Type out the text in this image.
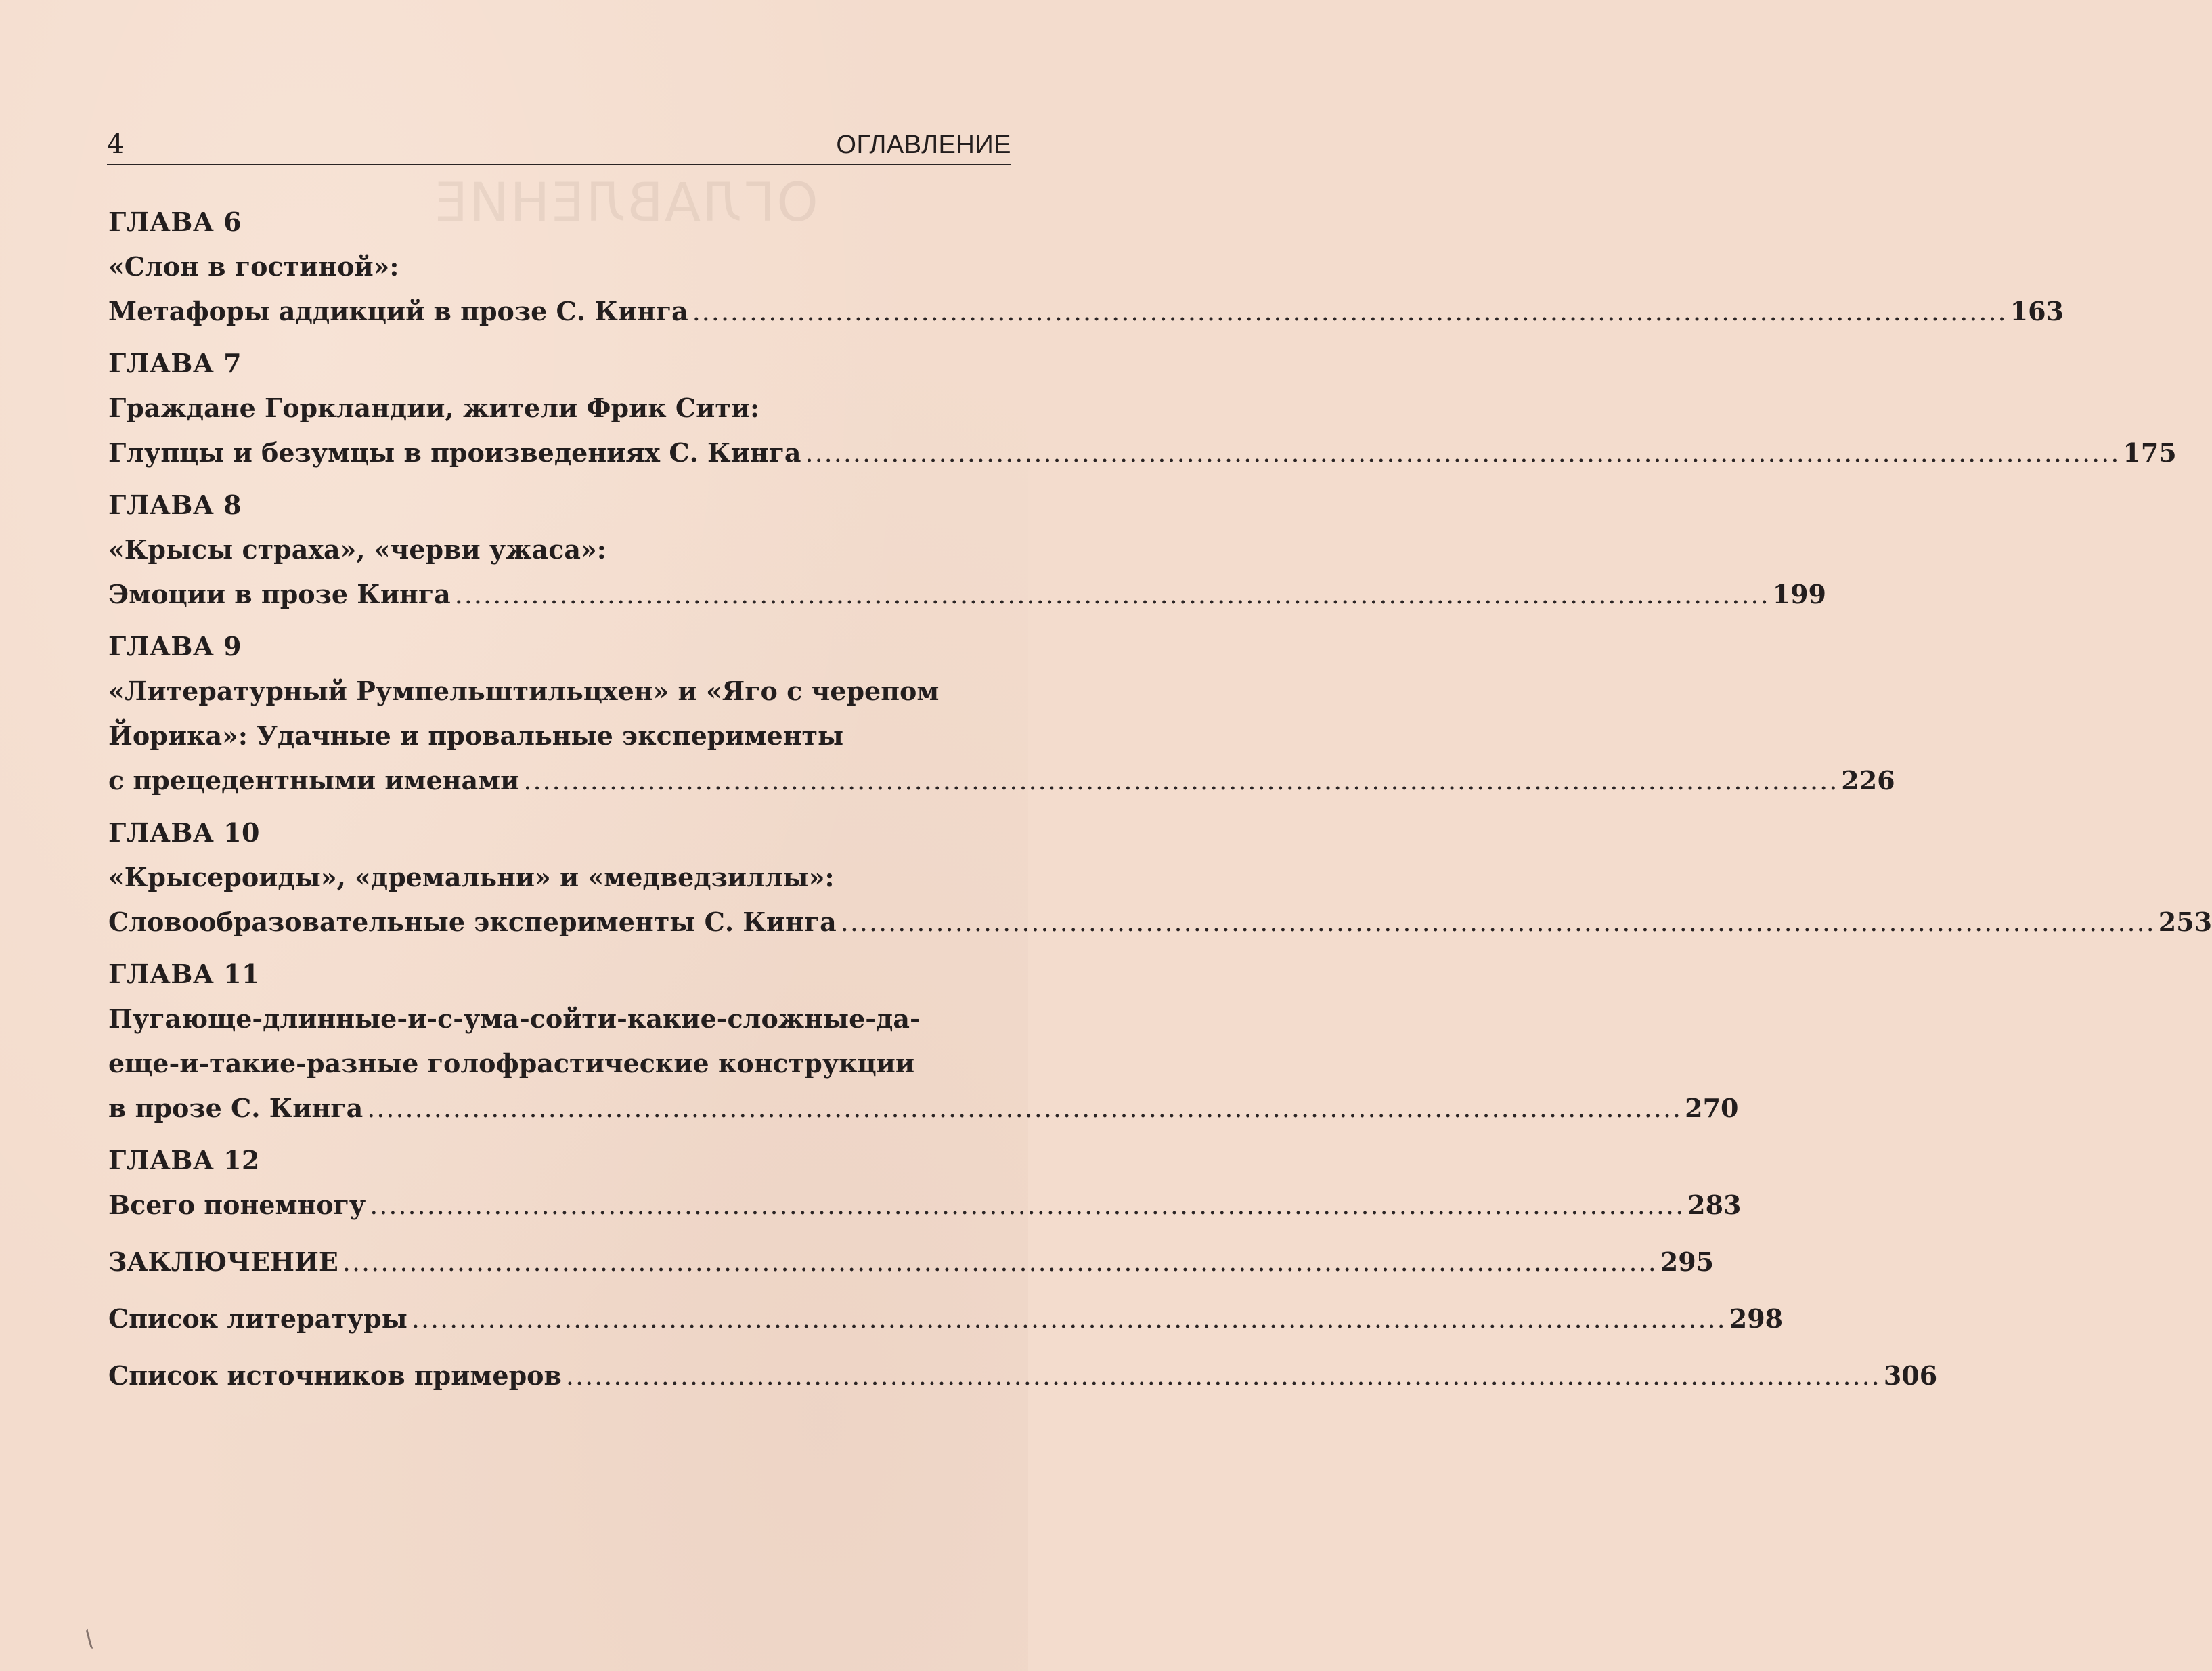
ОГЛАВЛЕНИЕ
4	ОГЛАВЛЕНИЕ
ГЛАВА 6
«Слон в гостиной»:
Метафоры аддикций в прозе С. Кинга .......................................................................................................................................... 163
ГЛАВА 7
Граждане Горкландии, жители Фрик Сити:
Глупцы и безумцы в произведениях С. Кинга .......................................................................................................................................... 175
ГЛАВА 8
«Крысы страха», «черви ужаса»:
Эмоции в прозе Кинга .......................................................................................................................................... 199
ГЛАВА 9
«Литературный Румпельштильцхен» и «Яго с черепом
Йорика»: Удачные и провальные эксперименты
с прецедентными именами .......................................................................................................................................... 226
ГЛАВА 10
«Крысероиды», «дремальни» и «медведзиллы»:
Словообразовательные эксперименты С. Кинга .......................................................................................................................................... 253
ГЛАВА 11
Пугающе-длинные-и-с-ума-сойти-какие-сложные-да-
еще-и-такие-разные голофрастические конструкции
в прозе С. Кинга .......................................................................................................................................... 270
ГЛАВА 12
Всего понемногу .......................................................................................................................................... 283
ЗАКЛЮЧЕНИЕ .......................................................................................................................................... 295
Список литературы .......................................................................................................................................... 298
Список источников примеров .......................................................................................................................................... 306
